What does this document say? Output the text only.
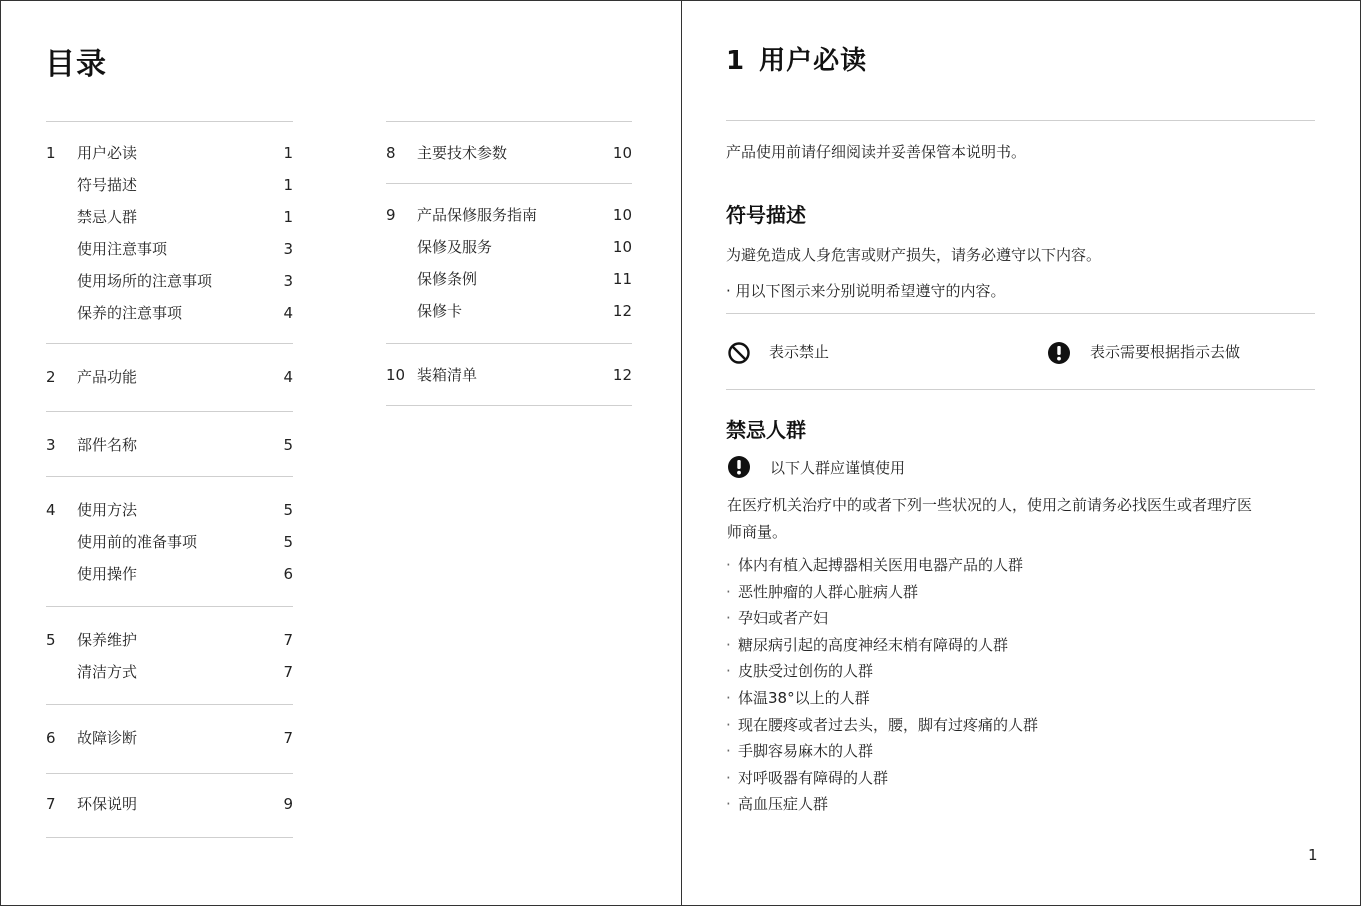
目录
1 用户必读	1
符号描述	1
禁忌人群	1
使用注意事项	3
使用场所的注意事项	3
保养的注意事项	4
2 产品功能	4
3 部件名称	5
4 使用方法	5
使用前的准备事项	5
使用操作	6
5 保养维护	7
清洁方式	7
6 故障诊断	7
7 环保说明	9
8 主要技术参数	10
9 产品保修服务指南	10
保修及服务	10
保修条例	11
保修卡	12
10 装箱清单	12
1 用户必读
产品使用前请仔细阅读并妥善保管本说明书。
符号描述
为避免造成人身危害或财产损失，请务必遵守以下内容。
· 用以下图示来分别说明希望遵守的内容。
表示禁止	表示需要根据指示去做
禁忌人群
以下人群应谨慎使用
在医疗机关治疗中的或者下列一些状况的人，使用之前请务必找医生或者理疗医
师商量。
· 体内有植入起搏器相关医用电器产品的人群
· 恶性肿瘤的人群心脏病人群
· 孕妇或者产妇
· 糖尿病引起的高度神经末梢有障碍的人群
· 皮肤受过创伤的人群
· 体温38°以上的人群
· 现在腰疼或者过去头，腰，脚有过疼痛的人群
· 手脚容易麻木的人群
· 对呼吸器有障碍的人群
· 高血压症人群
1
